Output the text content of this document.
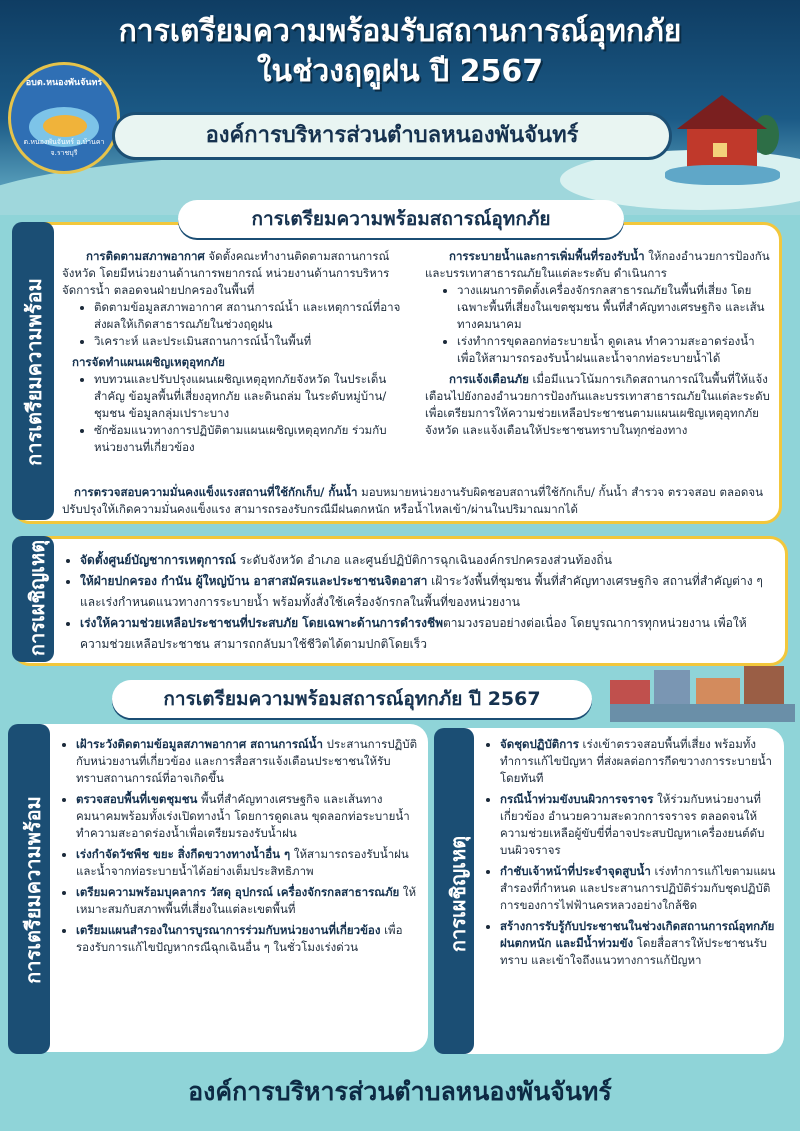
การเตรียมความพร้อมรับสถานการณ์อุทกภัย
ในช่วงฤดูฝน ปี 2567
อบต.หนองพันจันทร์
ต.หนองพันจันทร์ อ.บ้านคา จ.ราชบุรี
องค์การบริหารส่วนตำบลหนองพันจันทร์
การเตรียมความพร้อม
การเตรียมความพร้อมสถารณ์อุทกภัย
การติดตามสภาพอากาศ จัดตั้งคณะทำงานติดตามสถานการณ์จังหวัด โดยมีหน่วยงานด้านการพยากรณ์ หน่วยงานด้านการบริหารจัดการน้ำ ตลอดจนฝ่ายปกครองในพื้นที่
• ติดตามข้อมูลสภาพอากาศ สถานการณ์น้ำ และเหตุการณ์ที่อาจส่งผลให้เกิดสาธารณภัยในช่วงฤดูฝน
• วิเคราะห์ และประเมินสถานการณ์น้ำในพื้นที่
การจัดทำแผนเผชิญเหตุอุทกภัย
• ทบทวนและปรับปรุงแผนเผชิญเหตุอุทกภัยจังหวัด ในประเด็นสำคัญ ข้อมูลพื้นที่เสี่ยงอุทกภัย และดินถล่ม ในระดับหมู่บ้าน/ชุมชน ข้อมูลกลุ่มเปราะบาง
• ซักซ้อมแนวทางการปฏิบัติตามแผนเผชิญเหตุอุทกภัย ร่วมกับหน่วยงานที่เกี่ยวข้อง
การระบายน้ำและการเพิ่มพื้นที่รองรับน้ำ ให้กองอำนวยการป้องกันและบรรเทาสาธารณภัยในแต่ละระดับ ดำเนินการ
• วางแผนการติดตั้งเครื่องจักรกลสาธารณภัยในพื้นที่เสี่ยง โดยเฉพาะพื้นที่เสี่ยงในเขตชุมชน พื้นที่สำคัญทางเศรษฐกิจ และเส้นทางคมนาคม
• เร่งทำการขุดลอกท่อระบายน้ำ ดูดเลน ทำความสะอาดร่องน้ำ เพื่อให้สามารถรองรับน้ำฝนและน้ำจากท่อระบายน้ำได้
การแจ้งเตือนภัย เมื่อมีแนวโน้มการเกิดสถานการณ์ในพื้นที่ให้แจ้งเตือนไปยังกองอำนวยการป้องกันและบรรเทาสาธารณภัยในแต่ละระดับ เพื่อเตรียมการให้ความช่วยเหลือประชาชนตามแผนเผชิญเหตุอุทกภัยจังหวัด และแจ้งเตือนให้ประชาชนทราบในทุกช่องทาง
การตรวจสอบความมั่นคงแข็งแรงสถานที่ใช้กักเก็บ/ กั้นน้ำ มอบหมายหน่วยงานรับผิดชอบสถานที่ใช้กักเก็บ/ กั้นน้ำ สำรวจ ตรวจสอบ ตลอดจนปรับปรุงให้เกิดความมั่นคงแข็งแรง สามารถรองรับกรณีมีฝนตกหนัก หรือน้ำไหลเข้า/ผ่านในปริมาณมากได้
การเผชิญเหตุ
•	จัดตั้งศูนย์บัญชาการเหตุการณ์ ระดับจังหวัด อำเภอ และศูนย์ปฏิบัติการฉุกเฉินองค์กรปกครองส่วนท้องถิ่น
• ให้ฝ่ายปกครอง กำนัน ผู้ใหญ่บ้าน อาสาสมัครและประชาชนจิตอาสา เฝ้าระวังพื้นที่ชุมชน พื้นที่สำคัญทางเศรษฐกิจ สถานที่สำคัญต่าง ๆ และเร่งกำหนดแนวทางการระบายน้ำ พร้อมทั้งสั่งใช้เครื่องจักรกลในพื้นที่ของหน่วยงาน
• เร่งให้ความช่วยเหลือประชาชนที่ประสบภัย โดยเฉพาะด้านการดำรงชีพตามวงรอบอย่างต่อเนื่อง โดยบูรณาการทุกหน่วยงาน เพื่อให้ความช่วยเหลือประชาชน สามารถกลับมาใช้ชีวิตได้ตามปกติโดยเร็ว
การเตรียมความพร้อมสถารณ์อุทกภัย ปี 2567
การเตรียมความพร้อม
• เฝ้าระวังติดตามข้อมูลสภาพอากาศ สถานการณ์น้ำ ประสานการปฏิบัติกับหน่วยงานที่เกี่ยวข้อง และการสื่อสารแจ้งเตือนประชาชนให้รับทราบสถานการณ์ที่อาจเกิดขึ้น
• ตรวจสอบพื้นที่เขตชุมชน พื้นที่สำคัญทางเศรษฐกิจ และเส้นทางคมนาคมพร้อมทั้งเร่งเปิดทางน้ำ โดยการดูดเลน ขุดลอกท่อระบายน้ำ ทำความสะอาดร่องน้ำเพื่อเตรียมรองรับน้ำฝน
• เร่งกำจัดวัชพืช ขยะ สิ่งกีดขวางทางน้ำอื่น ๆ ให้สามารถรองรับน้ำฝน และน้ำจากท่อระบายน้ำได้อย่างเต็มประสิทธิภาพ
• เตรียมความพร้อมบุคลากร วัสดุ อุปกรณ์ เครื่องจักรกลสาธารณภัย ให้เหมาะสมกับสภาพพื้นที่เสี่ยงในแต่ละเขตพื้นที่
• เตรียมแผนสำรองในการบูรณาการร่วมกับหน่วยงานที่เกี่ยวข้อง เพื่อรองรับการแก้ไขปัญหากรณีฉุกเฉินอื่น ๆ ในชั่วโมงเร่งด่วน	การเผชิญเหตุ
• จัดชุดปฏิบัติการ เร่งเข้าตรวจสอบพื้นที่เสี่ยง พร้อมทั้งทำการแก้ไขปัญหา ที่ส่งผลต่อการกีดขวางการระบายน้ำโดยทันที
• กรณีน้ำท่วมขังบนผิวการจราจร ให้ร่วมกับหน่วยงานที่เกี่ยวข้อง อำนวยความสะดวกการจราจร ตลอดจนให้ความช่วยเหลือผู้ขับขี่ที่อาจประสบปัญหาเครื่องยนต์ดับบนผิวจราจร
• กำชับเจ้าหน้าที่ประจำจุดสูบน้ำ เร่งทำการแก้ไขตามแผนสำรองที่กำหนด และประสานการปฏิบัติร่วมกับชุดปฏิบัติการของการไฟฟ้านครหลวงอย่างใกล้ชิด
• สร้างการรับรู้กับประชาชนในช่วงเกิดสถานการณ์อุทกภัย ฝนตกหนัก และมีน้ำท่วมขัง โดยสื่อสารให้ประชาชนรับทราบ และเข้าใจถึงแนวทางการแก้ปัญหา
องค์การบริหารส่วนตำบลหนองพันจันทร์
